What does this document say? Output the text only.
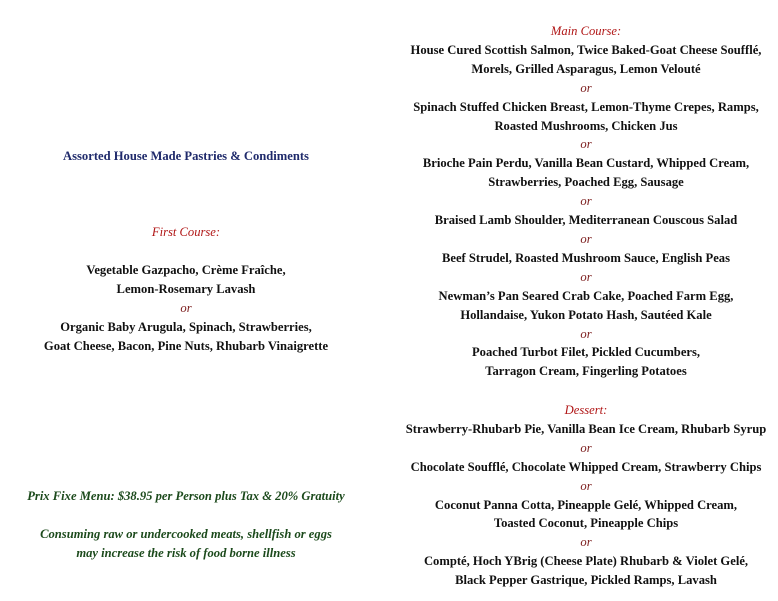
Assorted House Made Pastries & Condiments
First Course:
Vegetable Gazpacho, Crème Fraîche,
Lemon-Rosemary Lavash
or
Organic Baby Arugula, Spinach, Strawberries,
Goat Cheese, Bacon, Pine Nuts, Rhubarb Vinaigrette
Prix Fixe Menu: $38.95 per Person plus Tax & 20% Gratuity
Consuming raw or undercooked meats, shellfish or eggs
may increase the risk of food borne illness
Main Course:
House Cured Scottish Salmon, Twice Baked-Goat Cheese Soufflé,
Morels, Grilled Asparagus, Lemon Velouté
or
Spinach Stuffed Chicken Breast, Lemon-Thyme Crepes, Ramps,
Roasted Mushrooms, Chicken Jus
or
Brioche Pain Perdu, Vanilla Bean Custard, Whipped Cream,
Strawberries, Poached Egg, Sausage
or
Braised Lamb Shoulder, Mediterranean Couscous Salad
or
Beef Strudel, Roasted Mushroom Sauce, English Peas
or
Newman’s Pan Seared Crab Cake, Poached Farm Egg,
Hollandaise, Yukon Potato Hash, Sautéed Kale
or
Poached Turbot Filet, Pickled Cucumbers,
Tarragon Cream, Fingerling Potatoes
Dessert:
Strawberry-Rhubarb Pie, Vanilla Bean Ice Cream, Rhubarb Syrup
or
Chocolate Soufflé, Chocolate Whipped Cream, Strawberry Chips
or
Coconut Panna Cotta, Pineapple Gelé, Whipped Cream,
Toasted Coconut, Pineapple Chips
or
Compté, Hoch YBrig (Cheese Plate) Rhubarb & Violet Gelé,
Black Pepper Gastrique, Pickled Ramps, Lavash
